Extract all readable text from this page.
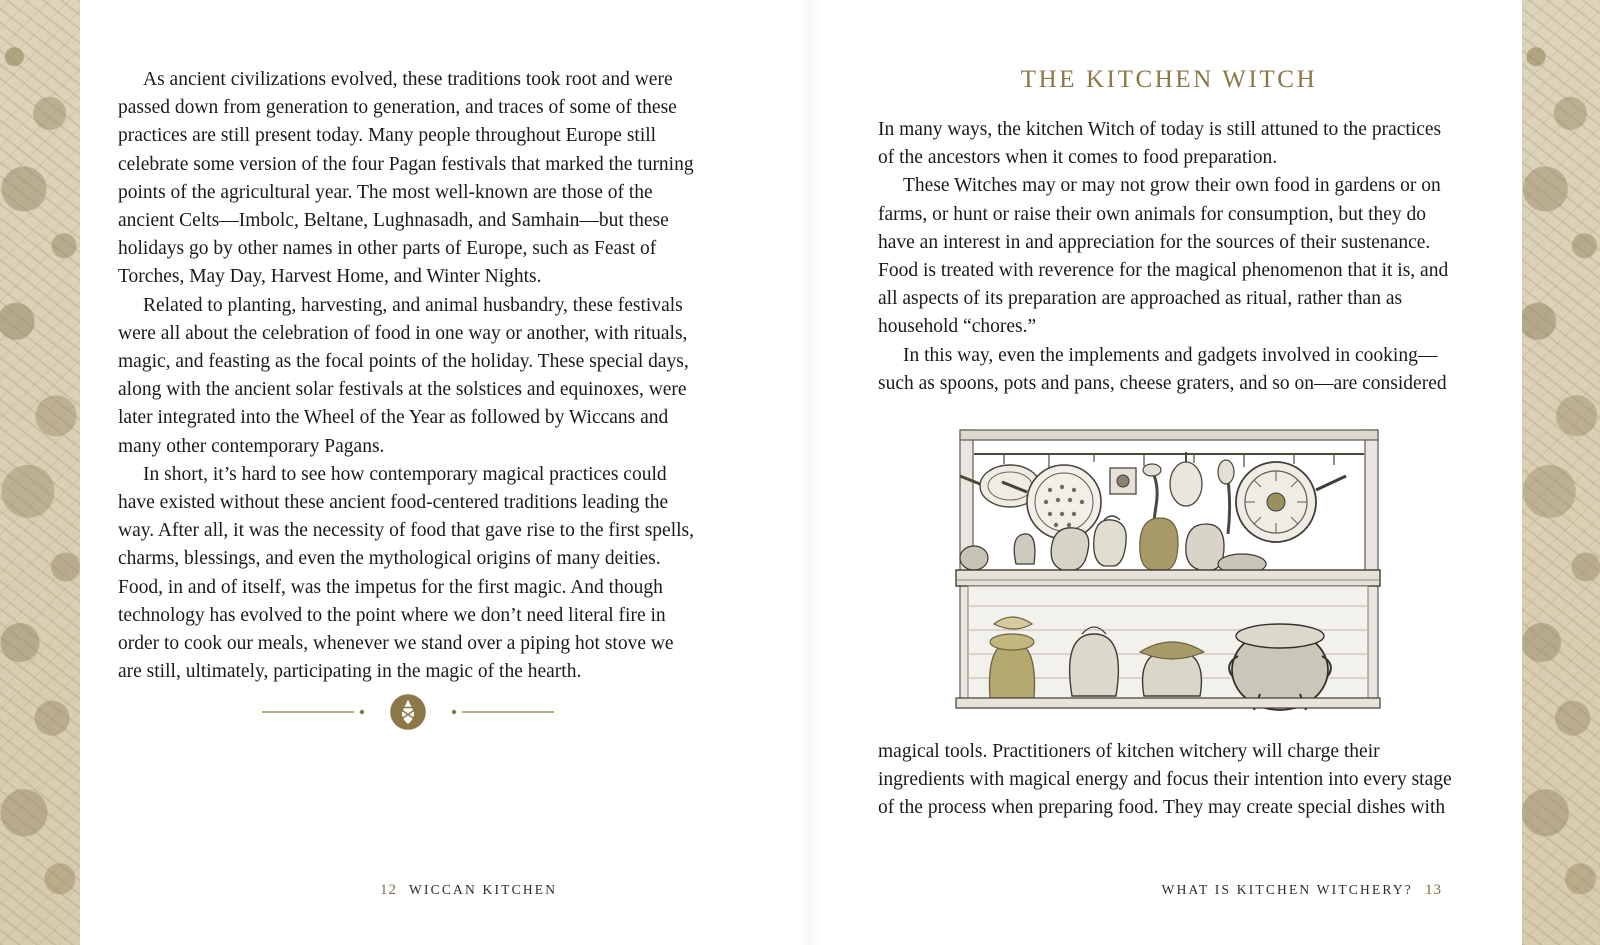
As ancient civilizations evolved, these traditions took root and were passed down from generation to generation, and traces of some of these practices are still present today. Many people throughout Europe still celebrate some version of the four Pagan festivals that marked the turning points of the agricultural year. The most well-known are those of the ancient Celts—Imbolc, Beltane, Lughnasadh, and Samhain—but these holidays go by other names in other parts of Europe, such as Feast of Torches, May Day, Harvest Home, and Winter Nights.

Related to planting, harvesting, and animal husbandry, these festivals were all about the celebration of food in one way or another, with rituals, magic, and feasting as the focal points of the holiday. These special days, along with the ancient solar festivals at the solstices and equinoxes, were later integrated into the Wheel of the Year as followed by Wiccans and many other contemporary Pagans.

In short, it’s hard to see how contemporary magical practices could have existed without these ancient food-centered traditions leading the way. After all, it was the necessity of food that gave rise to the first spells, charms, blessings, and even the mythological origins of many deities. Food, in and of itself, was the impetus for the first magic. And though technology has evolved to the point where we don’t need literal fire in order to cook our meals, whenever we stand over a piping hot stove we are still, ultimately, participating in the magic of the hearth.

12 WICCAN KITCHEN
THE KITCHEN WITCH

In many ways, the kitchen Witch of today is still attuned to the practices of the ancestors when it comes to food preparation.

These Witches may or may not grow their own food in gardens or on farms, or hunt or raise their own animals for consumption, but they do have an interest in and appreciation for the sources of their sustenance. Food is treated with reverence for the magical phenomenon that it is, and all aspects of its preparation are approached as ritual, rather than as household “chores.”

In this way, even the implements and gadgets involved in cooking—such as spoons, pots and pans, cheese graters, and so on—are considered

magical tools. Practitioners of kitchen witchery will charge their ingredients with magical energy and focus their intention into every stage of the process when preparing food. They may create special dishes with

WHAT IS KITCHEN WITCHERY? 13
